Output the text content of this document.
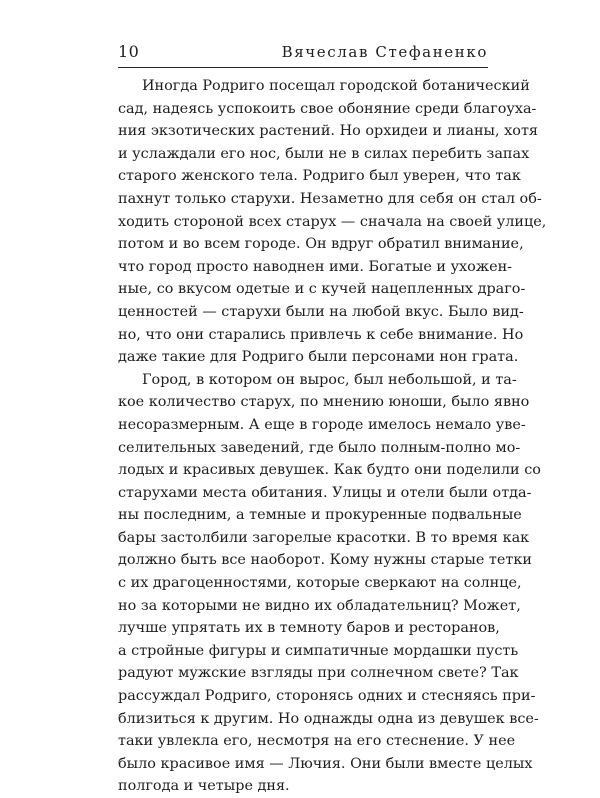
10	Вячеслав Стефаненко
Иногда Родриго посещал городской ботанический
сад, надеясь успокоить свое обоняние среди благоуха-
ния экзотических растений. Но орхидеи и лианы, хотя
и услаждали его нос, были не в силах перебить запах
старого женского тела. Родриго был уверен, что так
пахнут только старухи. Незаметно для себя он стал об-
ходить стороной всех старух — сначала на своей улице,
потом и во всем городе. Он вдруг обратил внимание,
что город просто наводнен ими. Богатые и ухожен-
ные, со вкусом одетые и с кучей нацепленных драго-
ценностей — старухи были на любой вкус. Было вид-
но, что они старались привлечь к себе внимание. Но
даже такие для Родриго были персонами нон грата.
Город, в котором он вырос, был небольшой, и та-
кое количество старух, по мнению юноши, было явно
несоразмерным. А еще в городе имелось немало уве-
селительных заведений, где было полным-полно мо-
лодых и красивых девушек. Как будто они поделили со
старухами места обитания. Улицы и отели были отда-
ны последним, а темные и прокуренные подвальные
бары застолбили загорелые красотки. В то время как
должно быть все наоборот. Кому нужны старые тетки
с их драгоценностями, которые сверкают на солнце,
но за которыми не видно их обладательниц? Может,
лучше упрятать их в темноту баров и ресторанов,
а стройные фигуры и симпатичные мордашки пусть
радуют мужские взгляды при солнечном свете? Так
рассуждал Родриго, сторонясь одних и стесняясь при-
близиться к другим. Но однажды одна из девушек все-
таки увлекла его, несмотря на его стеснение. У нее
было красивое имя — Лючия. Они были вместе целых
полгода и четыре дня.
